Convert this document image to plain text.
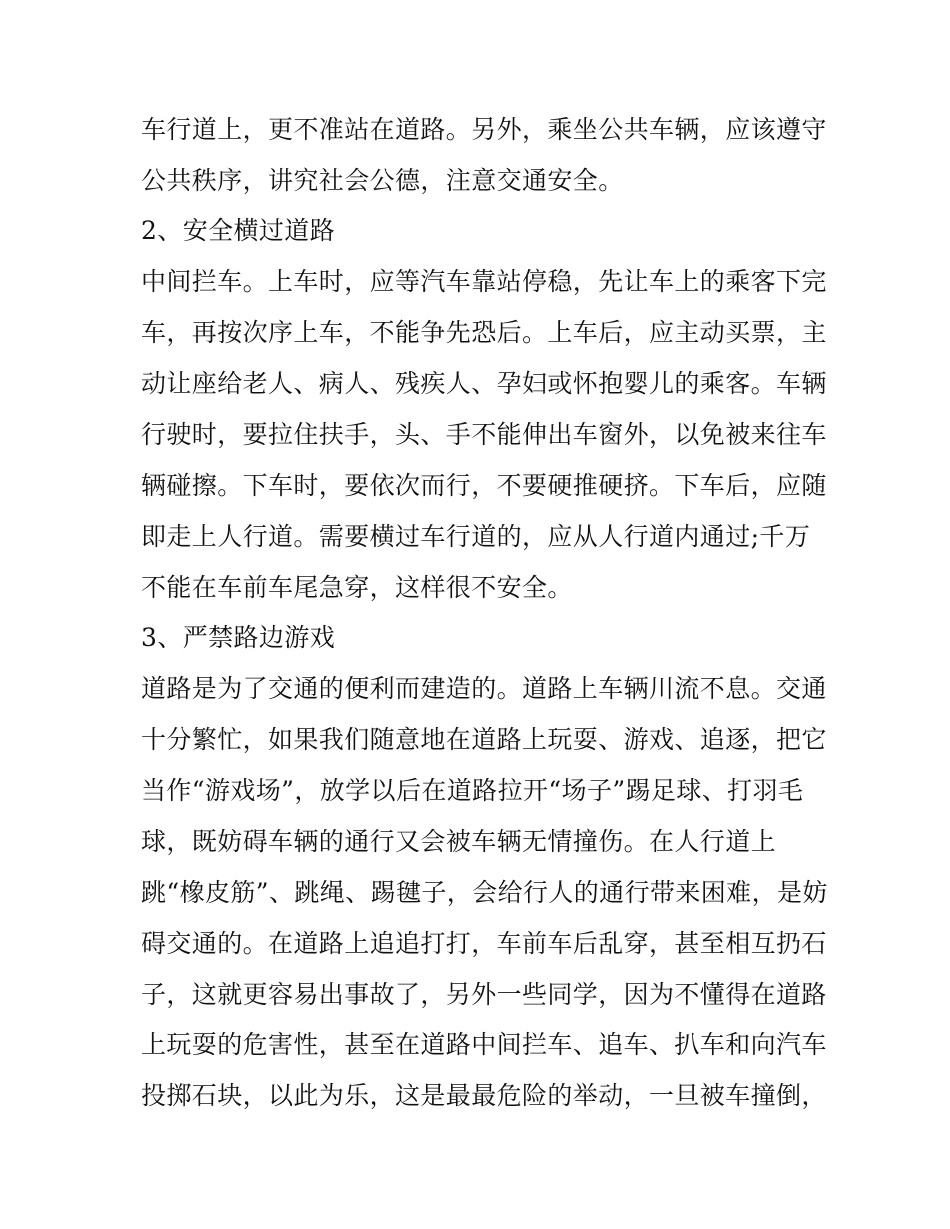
车行道上，更不准站在道路。另外，乘坐公共车辆，应该遵守
公共秩序，讲究社会公德，注意交通安全。
2、安全横过道路
中间拦车。上车时，应等汽车靠站停稳，先让车上的乘客下完
车，再按次序上车，不能争先恐后。上车后，应主动买票，主
动让座给老人、病人、残疾人、孕妇或怀抱婴儿的乘客。车辆
行驶时，要拉住扶手，头、手不能伸出车窗外，以免被来往车
辆碰擦。下车时，要依次而行，不要硬推硬挤。下车后，应随
即走上人行道。需要横过车行道的，应从人行道内通过;千万
不能在车前车尾急穿，这样很不安全。
3、严禁路边游戏
道路是为了交通的便利而建造的。道路上车辆川流不息。交通
十分繁忙，如果我们随意地在道路上玩耍、游戏、追逐，把它
当作“游戏场”，放学以后在道路拉开“场子”踢足球、打羽毛
球，既妨碍车辆的通行又会被车辆无情撞伤。在人行道上
跳“橡皮筋”、跳绳、踢毽子，会给行人的通行带来困难，是妨
碍交通的。在道路上追追打打，车前车后乱穿，甚至相互扔石
子，这就更容易出事故了，另外一些同学，因为不懂得在道路
上玩耍的危害性，甚至在道路中间拦车、追车、扒车和向汽车
投掷石块，以此为乐，这是最最危险的举动，一旦被车撞倒，
